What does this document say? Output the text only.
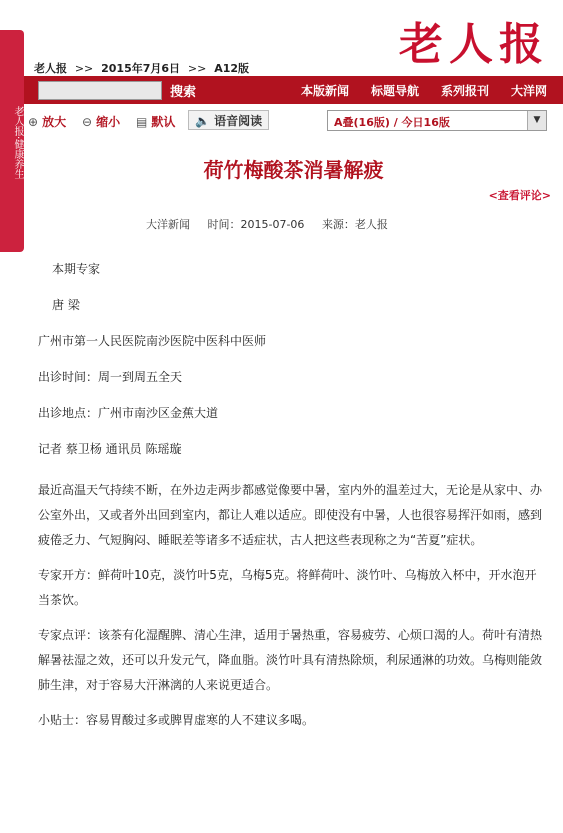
老人报·健康养生
老人报
老人报 >> 2015年7月6日 >> A12版
搜索	本版新闻 标题导航 系列报刊 大洋网
⊕ 放大 ⊖ 缩小 ▤ 默认	🔈 语音阅读	A叠(16版) / 今日16版	▼
荷竹梅酸茶消暑解疲
<查看评论>
大洋新闻 时间：2015-07-06 来源：老人报

本期专家

唐 梁

广州市第一人民医院南沙医院中医科中医师

出诊时间：周一到周五全天

出诊地点：广州市南沙区金蕉大道

记者 蔡卫杨 通讯员 陈瑶璇

最近高温天气持续不断，在外边走两步都感觉像要中暑，室内外的温差过大，无论是从家中、办公室外出，又或者外出回到室内，都让人难以适应。即使没有中暑，人也很容易挥汗如雨，感到疲倦乏力、气短胸闷、睡眠差等诸多不适症状，古人把这些表现称之为“苦夏”症状。

专家开方：鲜荷叶10克，淡竹叶5克，乌梅5克。将鲜荷叶、淡竹叶、乌梅放入杯中，开水泡开当茶饮。

专家点评：该茶有化湿醒脾、清心生津，适用于暑热重，容易疲劳、心烦口渴的人。荷叶有清热解暑祛湿之效，还可以升发元气，降血脂。淡竹叶具有清热除烦，利尿通淋的功效。乌梅则能敛肺生津，对于容易大汗淋漓的人来说更适合。

小贴士：容易胃酸过多或脾胃虚寒的人不建议多喝。
